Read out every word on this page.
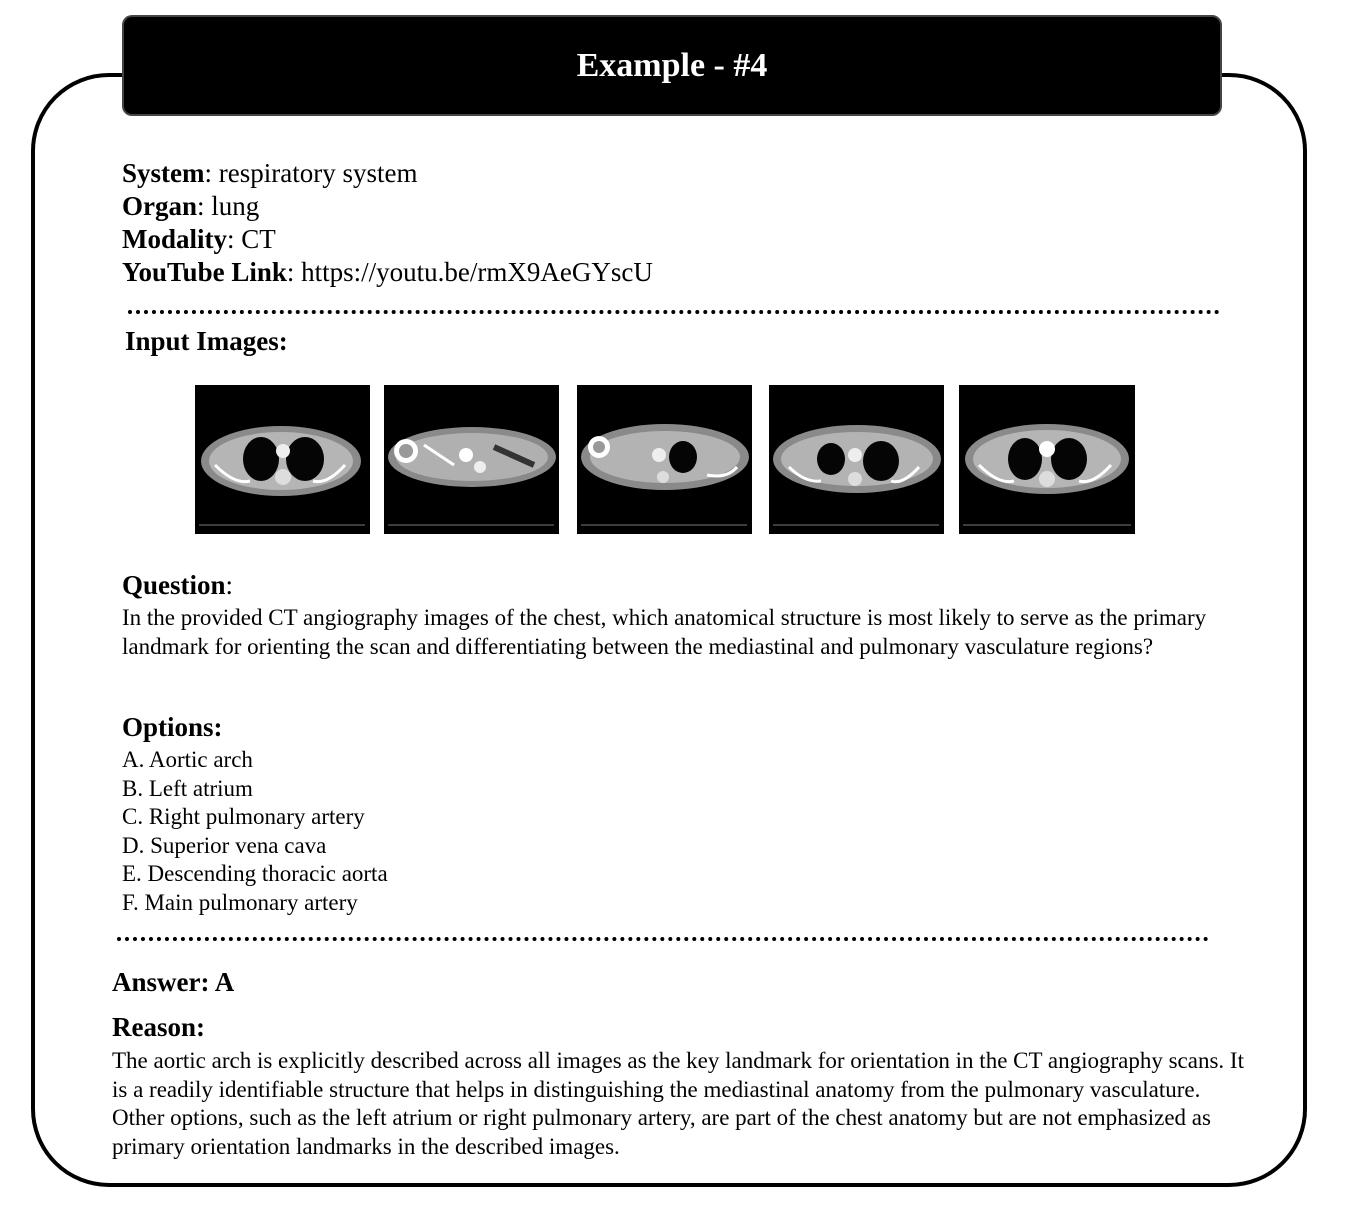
Example - #4
System: respiratory system
Organ: lung
Modality: CT
YouTube Link: https://youtu.be/rmX9AeGYscU
Input Images:
Question:
In the provided CT angiography images of the chest, which anatomical structure is most likely to serve as the primary landmark for orienting the scan and differentiating between the mediastinal and pulmonary vasculature regions?
Options:
A. Aortic arch
B. Left atrium
C. Right pulmonary artery
D. Superior vena cava
E. Descending thoracic aorta
F. Main pulmonary artery
Answer: A
Reason:
The aortic arch is explicitly described across all images as the key landmark for orientation in the CT angiography scans. It is a readily identifiable structure that helps in distinguishing the mediastinal anatomy from the pulmonary vasculature. Other options, such as the left atrium or right pulmonary artery, are part of the chest anatomy but are not emphasized as primary orientation landmarks in the described images.
